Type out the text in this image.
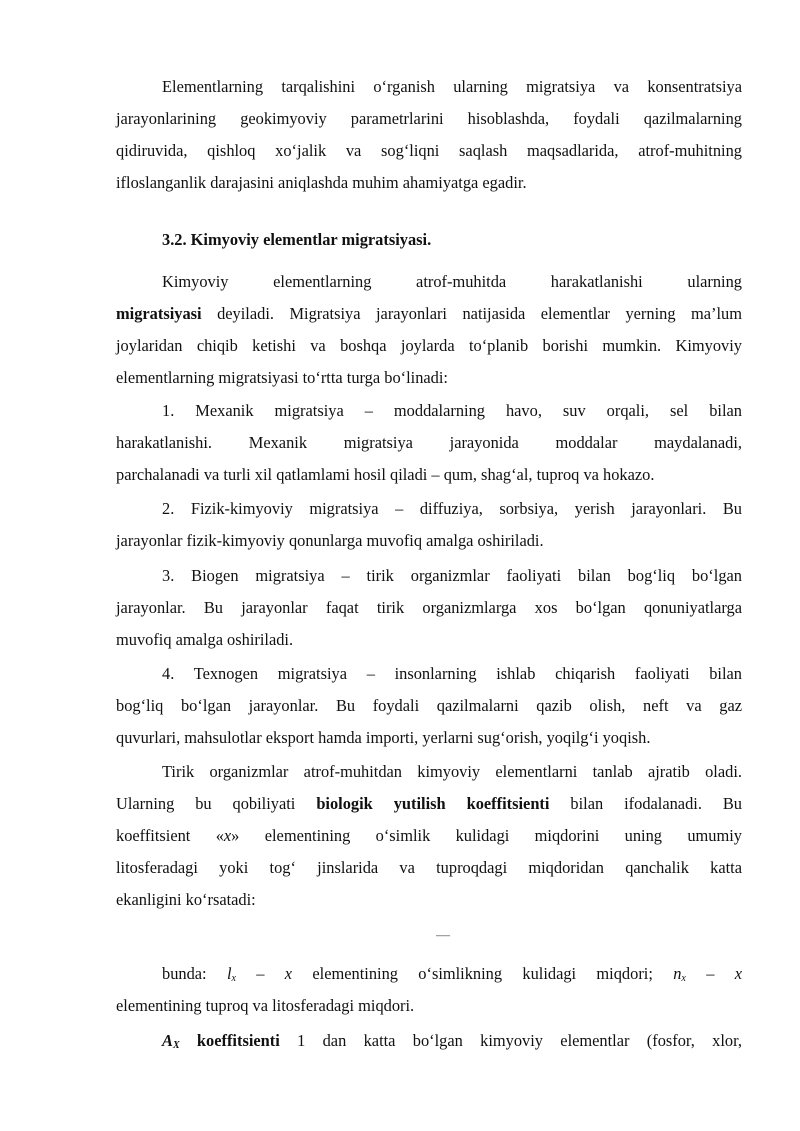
Elementlarning tarqalishini o‘rganish ularning migratsiya va konsentratsiya
jarayonlarining geokimyoviy parametrlarini hisoblashda, foydali qazilmalarning
qidiruvida, qishloq xo‘jalik va sog‘liqni saqlash maqsadlarida, atrof-muhitning
ifloslanganlik darajasini aniqlashda muhim ahamiyatga egadir.
3.2. Kimyoviy elementlar migratsiyasi.
Kimyoviy elementlarning atrof-muhitda harakatlanishi ularning
migratsiyasi deyiladi. Migratsiya jarayonlari natijasida elementlar yerning ma’lum
joylaridan chiqib ketishi va boshqa joylarda to‘planib borishi mumkin. Kimyoviy
elementlarning migratsiyasi to‘rtta turga bo‘linadi:
1. Mexanik migratsiya – moddalarning havo, suv orqali, sel bilan
harakatlanishi. Mexanik migratsiya jarayonida moddalar maydalanadi,
parchalanadi va turli xil qatlamlami hosil qiladi – qum, shag‘al, tuproq va hokazo.
2. Fizik-kimyoviy migratsiya – diffuziya, sorbsiya, yerish jarayonlari. Bu
jarayonlar fizik-kimyoviy qonunlarga muvofiq amalga oshiriladi.
3. Biogen migratsiya – tirik organizmlar faoliyati bilan bog‘liq bo‘lgan
jarayonlar. Bu jarayonlar faqat tirik organizmlarga xos bo‘lgan qonuniyatlarga
muvofiq amalga oshiriladi.
4. Texnogen migratsiya – insonlarning ishlab chiqarish faoliyati bilan
bog‘liq bo‘lgan jarayonlar. Bu foydali qazilmalarni qazib olish, neft va gaz
quvurlari, mahsulotlar eksport hamda importi, yerlarni sug‘orish, yoqilg‘i yoqish.
Tirik organizmlar atrof-muhitdan kimyoviy elementlarni tanlab ajratib oladi.
Ularning bu qobiliyati biologik yutilish koeffitsienti bilan ifodalanadi. Bu
koeffitsient «x» elementining o‘simlik kulidagi miqdorini uning umumiy
litosferadagi yoki tog‘ jinslarida va tuproqdagi miqdoridan qanchalik katta
ekanligini ko‘rsatadi:
—
bunda: $l_x$ – x elementining o‘simlikning kulidagi miqdori; $n_x$ – x
elementining tuproq va litosferadagi miqdori.
$A_X$ koeffitsienti 1 dan katta bo‘lgan kimyoviy elementlar (fosfor, xlor,
